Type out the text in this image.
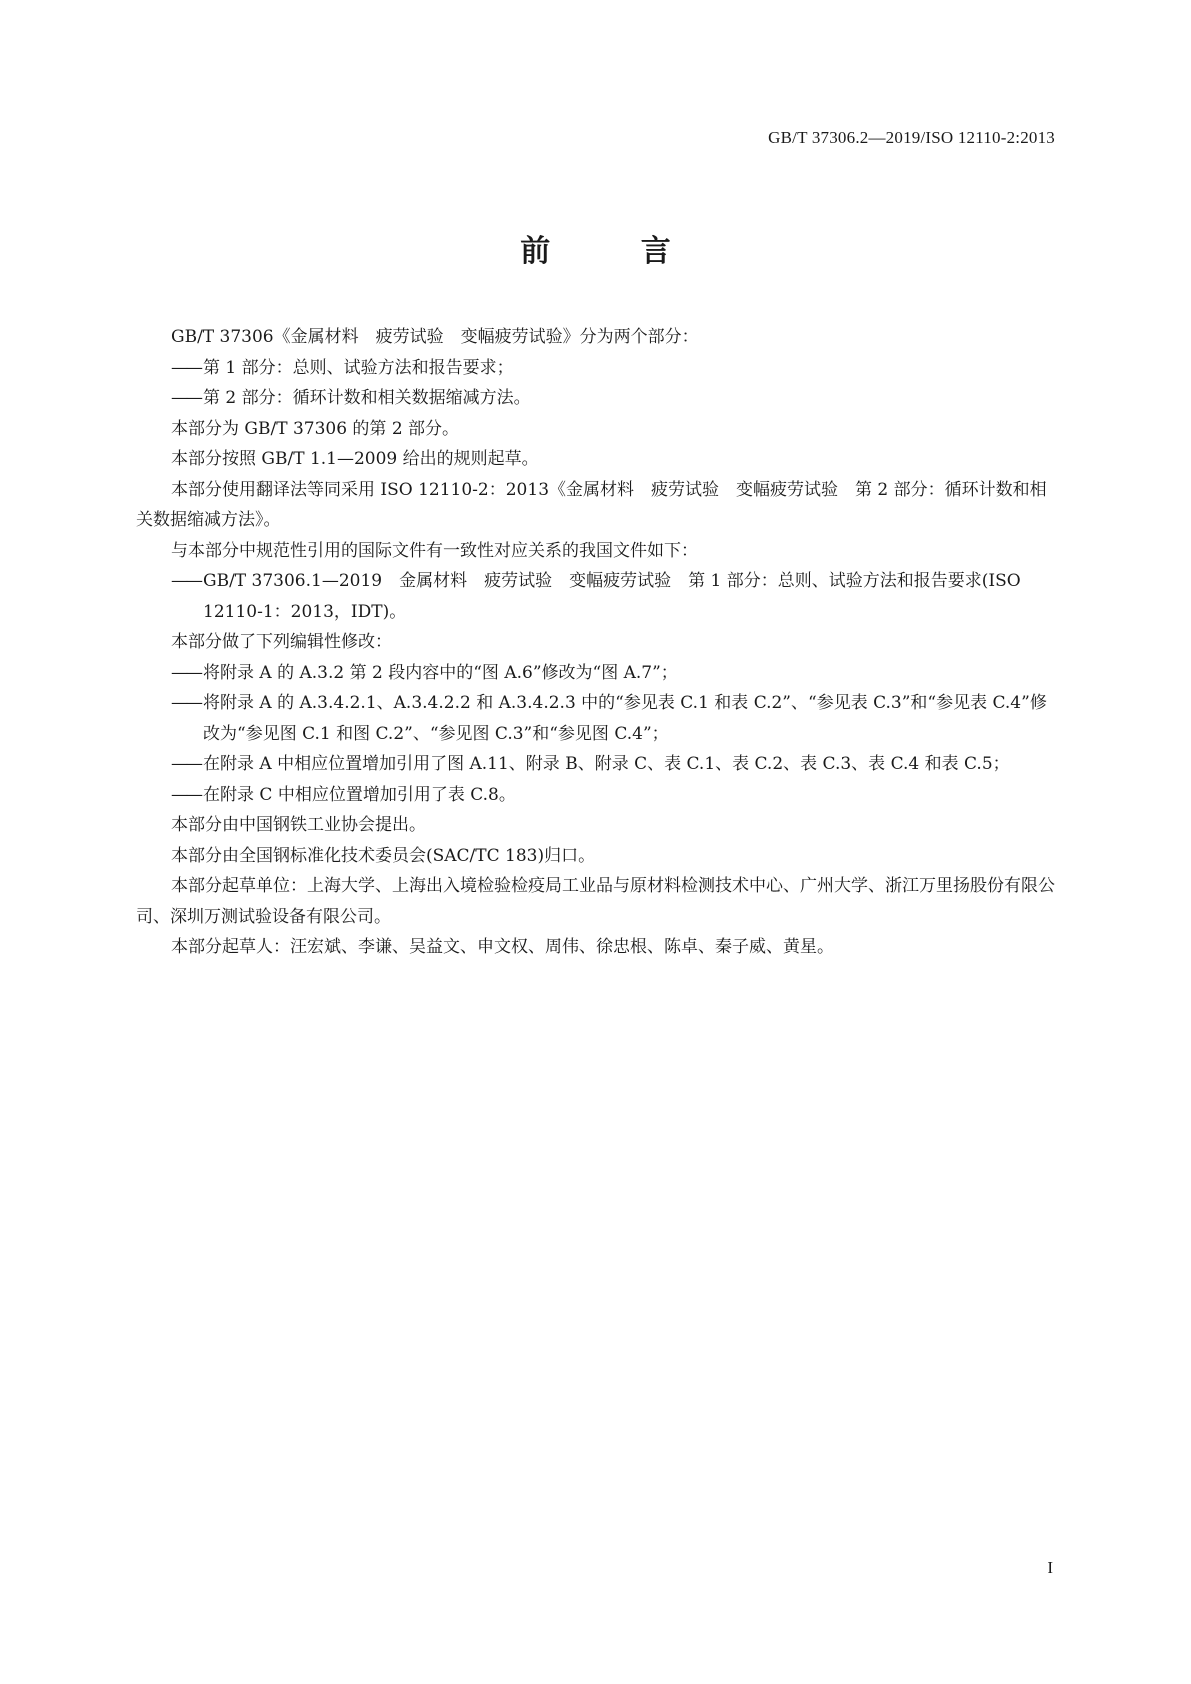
GB/T 37306.2—2019/ISO 12110-2:2013
前 言

GB/T 37306《金属材料　疲劳试验　变幅疲劳试验》分为两个部分：

—— 第 1 部分：总则、试验方法和报告要求；

—— 第 2 部分：循环计数和相关数据缩减方法。

本部分为 GB/T 37306 的第 2 部分。

本部分按照 GB/T 1.1—2009 给出的规则起草。

本部分使用翻译法等同采用 ISO 12110-2：2013《金属材料　疲劳试验　变幅疲劳试验　第 2 部分：循环计数和相关数据缩减方法》。

与本部分中规范性引用的国际文件有一致性对应关系的我国文件如下：

—— GB/T 37306.1—2019　金属材料　疲劳试验　变幅疲劳试验　第 1 部分：总则、试验方法和报告要求(ISO 12110-1：2013，IDT)。

本部分做了下列编辑性修改：

—— 将附录 A 的 A.3.2 第 2 段内容中的“图 A.6”修改为“图 A.7”；

—— 将附录 A 的 A.3.4.2.1、A.3.4.2.2 和 A.3.4.2.3 中的“参见表 C.1 和表 C.2”、“参见表 C.3”和“参见表 C.4”修改为“参见图 C.1 和图 C.2”、“参见图 C.3”和“参见图 C.4”；

—— 在附录 A 中相应位置增加引用了图 A.11、附录 B、附录 C、表 C.1、表 C.2、表 C.3、表 C.4 和表 C.5；

—— 在附录 C 中相应位置增加引用了表 C.8。

本部分由中国钢铁工业协会提出。

本部分由全国钢标准化技术委员会(SAC/TC 183)归口。

本部分起草单位：上海大学、上海出入境检验检疫局工业品与原材料检测技术中心、广州大学、浙江万里扬股份有限公司、深圳万测试验设备有限公司。

本部分起草人：汪宏斌、李谦、吴益文、申文权、周伟、徐忠根、陈卓、秦子威、黄星。

I
